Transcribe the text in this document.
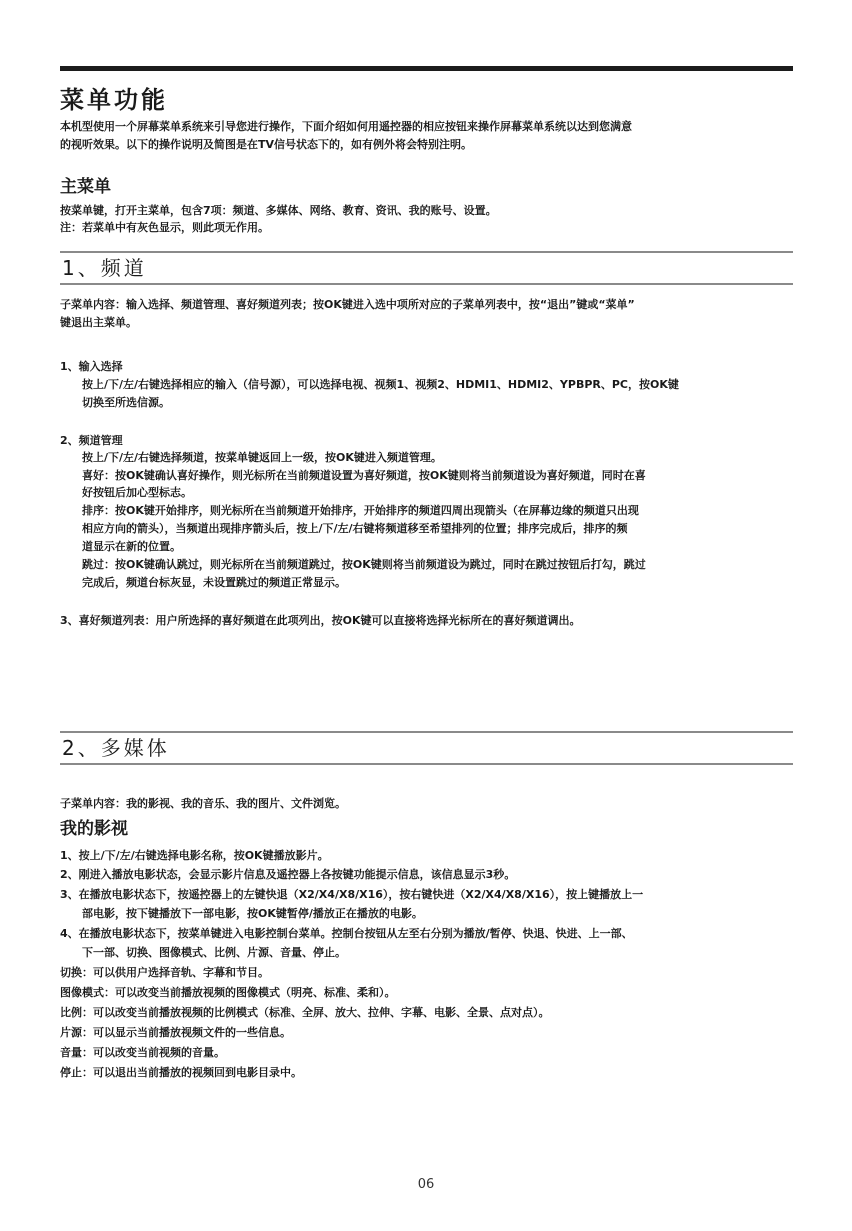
菜单功能
本机型使用一个屏幕菜单系统来引导您进行操作，下面介绍如何用遥控器的相应按钮来操作屏幕菜单系统以达到您满意
的视听效果。以下的操作说明及简图是在TV信号状态下的，如有例外将会特别注明。
主菜单
按菜单键，打开主菜单，包含7项：频道、多媒体、网络、教育、资讯、我的账号、设置。
注：若菜单中有灰色显示，则此项无作用。
1、频道
子菜单内容：输入选择、频道管理、喜好频道列表；按OK键进入选中项所对应的子菜单列表中，按“退出”键或“菜单”
键退出主菜单。
1、输入选择
按上/下/左/右键选择相应的输入（信号源），可以选择电视、视频1、视频2、HDMI1、HDMI2、YPBPR、PC，按OK键
切换至所选信源。
2、频道管理
按上/下/左/右键选择频道，按菜单键返回上一级，按OK键进入频道管理。
喜好：按OK键确认喜好操作，则光标所在当前频道设置为喜好频道，按OK键则将当前频道设为喜好频道，同时在喜
好按钮后加心型标志。
排序：按OK键开始排序，则光标所在当前频道开始排序，开始排序的频道四周出现箭头（在屏幕边缘的频道只出现
相应方向的箭头），当频道出现排序箭头后，按上/下/左/右键将频道移至希望排列的位置；排序完成后，排序的频
道显示在新的位置。
跳过：按OK键确认跳过，则光标所在当前频道跳过，按OK键则将当前频道设为跳过，同时在跳过按钮后打勾，跳过
完成后，频道台标灰显，未设置跳过的频道正常显示。
3、喜好频道列表：用户所选择的喜好频道在此项列出，按OK键可以直接将选择光标所在的喜好频道调出。
2、多媒体
子菜单内容：我的影视、我的音乐、我的图片、文件浏览。
我的影视
1、按上/下/左/右键选择电影名称，按OK键播放影片。
2、刚进入播放电影状态，会显示影片信息及遥控器上各按键功能提示信息，该信息显示3秒。
3、在播放电影状态下，按遥控器上的左键快退（X2/X4/X8/X16），按右键快进（X2/X4/X8/X16），按上键播放上一
部电影，按下键播放下一部电影，按OK键暂停/播放正在播放的电影。
4、在播放电影状态下，按菜单键进入电影控制台菜单。控制台按钮从左至右分别为播放/暂停、快退、快进、上一部、
下一部、切换、图像模式、比例、片源、音量、停止。
切换：可以供用户选择音轨、字幕和节目。
图像模式：可以改变当前播放视频的图像模式（明亮、标准、柔和）。
比例：可以改变当前播放视频的比例模式（标准、全屏、放大、拉伸、字幕、电影、全景、点对点）。
片源：可以显示当前播放视频文件的一些信息。
音量：可以改变当前视频的音量。
停止：可以退出当前播放的视频回到电影目录中。
06
